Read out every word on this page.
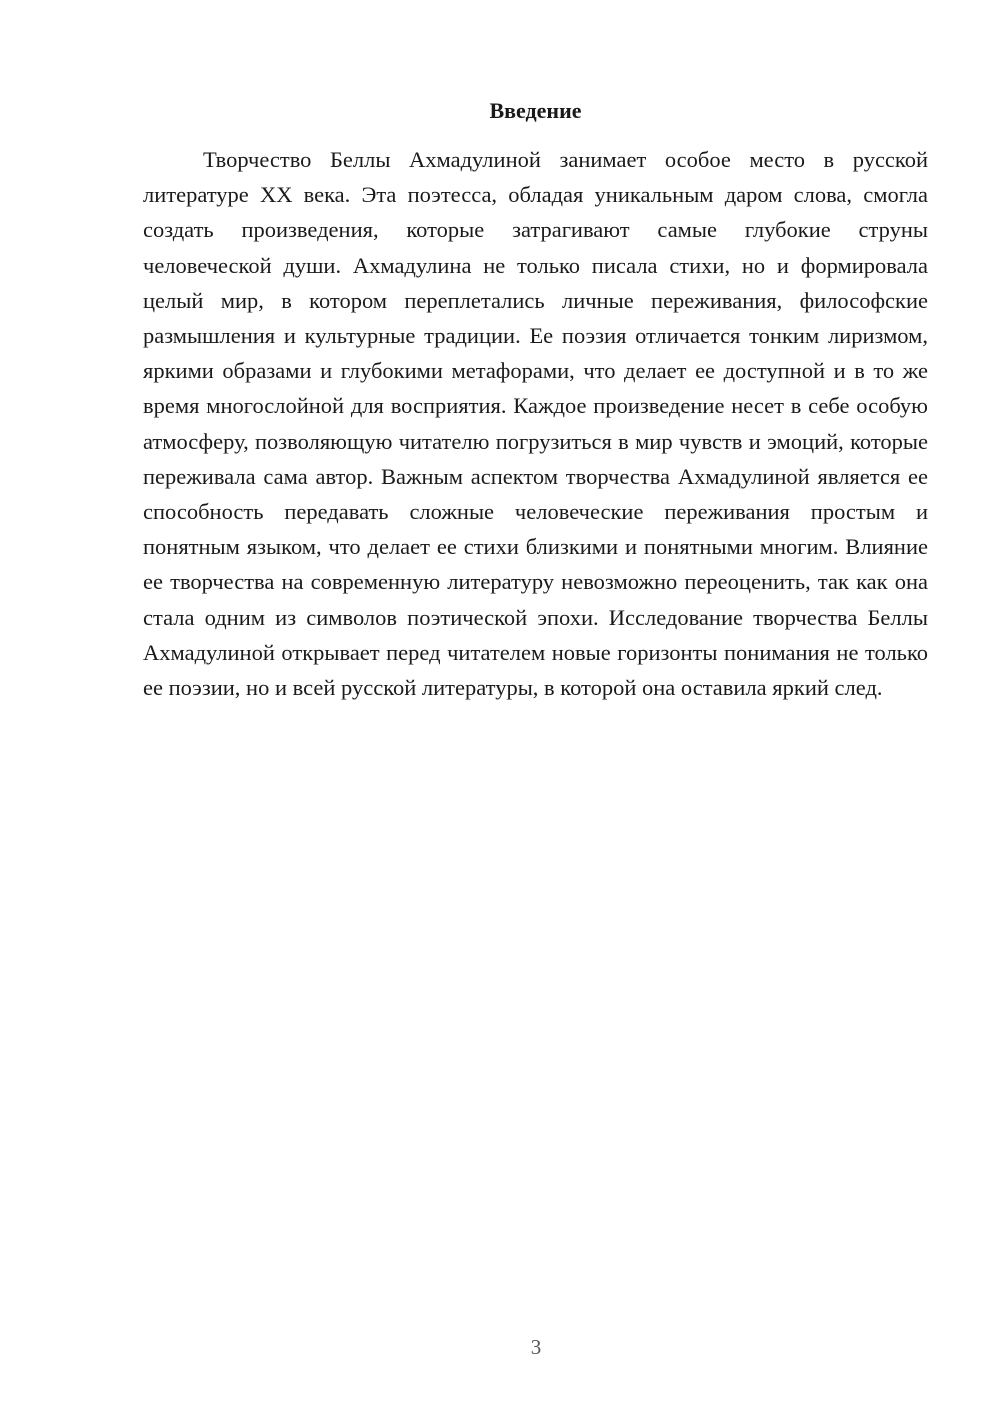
Введение

Творчество Беллы Ахмадулиной занимает особое место в русской литературе XX века. Эта поэтесса, обладая уникальным даром слова, смогла создать произведения, которые затрагивают самые глубокие струны человеческой души. Ахмадулина не только писала стихи, но и формировала целый мир, в котором переплетались личные переживания, философские размышления и культурные традиции. Ее поэзия отличается тонким лиризмом, яркими образами и глубокими метафорами, что делает ее доступной и в то же время многослойной для восприятия. Каждое произведение несет в себе особую атмосферу, позволяющую читателю погрузиться в мир чувств и эмоций, которые переживала сама автор. Важным аспектом творчества Ахмадулиной является ее способность передавать сложные человеческие переживания простым и понятным языком, что делает ее стихи близкими и понятными многим. Влияние ее творчества на современную литературу невозможно переоценить, так как она стала одним из символов поэтической эпохи. Исследование творчества Беллы Ахмадулиной открывает перед читателем новые горизонты понимания не только ее поэзии, но и всей русской литературы, в которой она оставила яркий след.

3
